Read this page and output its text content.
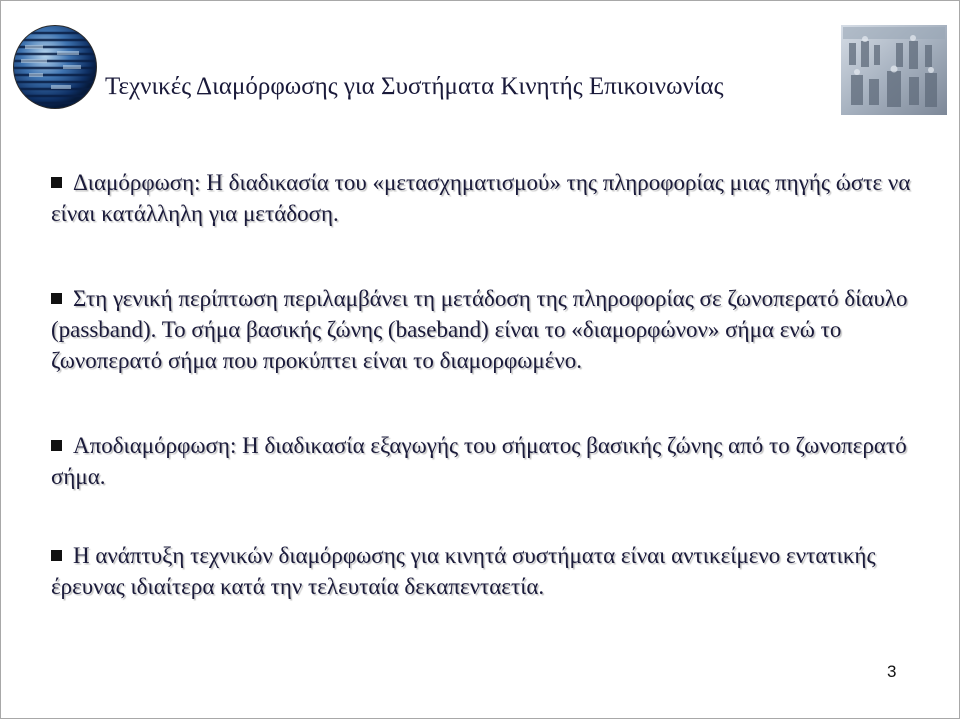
Τεχνικές Διαμόρφωσης για Συστήματα Κινητής Επικοινωνίας

Διαμόρφωση: Η διαδικασία του «μετασχηματισμού» της πληροφορίας μιας πηγής ώστε να είναι κατάλληλη για μετάδοση.

Στη γενική περίπτωση περιλαμβάνει τη μετάδοση της πληροφορίας σε ζωνοπερατό δίαυλο (passband). Το σήμα βασικής ζώνης (baseband) είναι το «διαμορφώνον» σήμα ενώ το ζωνοπερατό σήμα που προκύπτει είναι το διαμορφωμένο.

Αποδιαμόρφωση: Η διαδικασία εξαγωγής του σήματος βασικής ζώνης από το ζωνοπερατό σήμα.

Η ανάπτυξη τεχνικών διαμόρφωσης για κινητά συστήματα είναι αντικείμενο εντατικής έρευνας ιδιαίτερα κατά την τελευταία δεκαπενταετία.

3
